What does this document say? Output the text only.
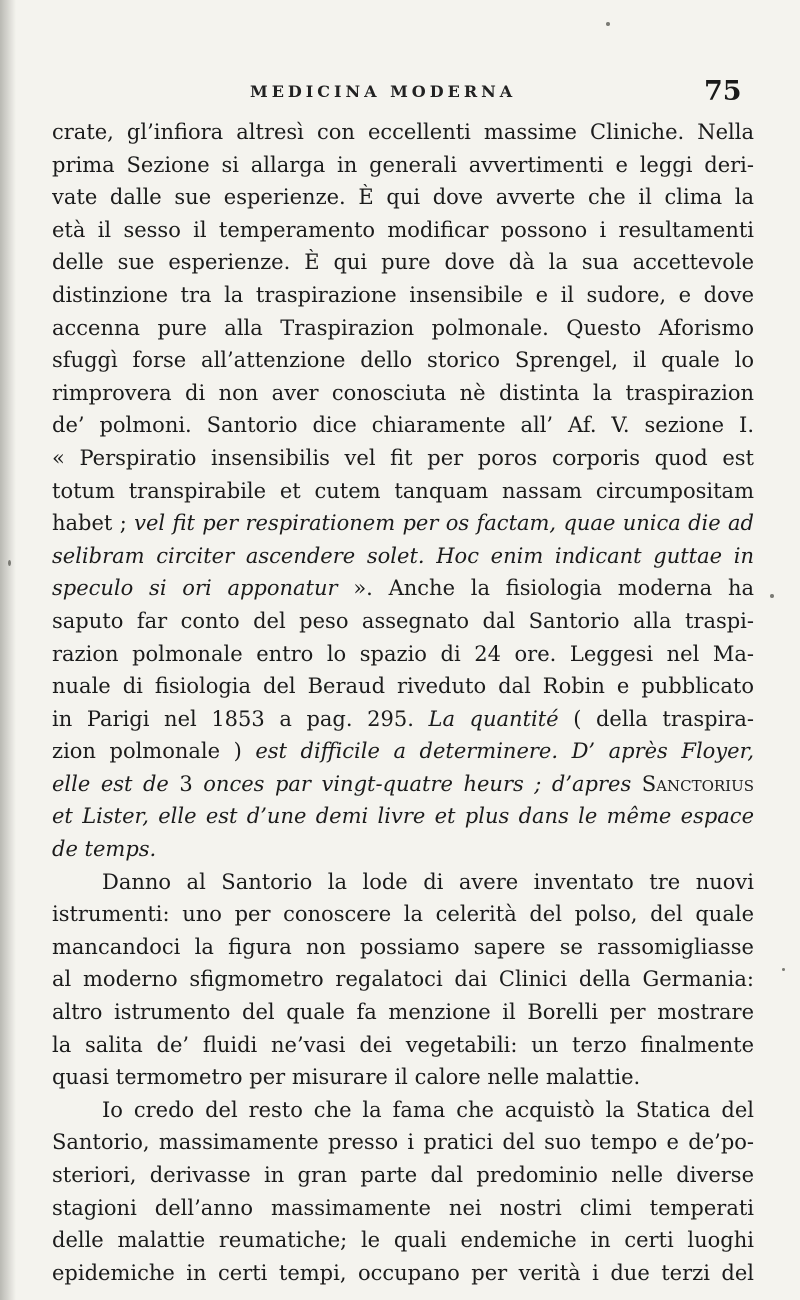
MEDICINA MODERNA	75
crate, gl’infiora altresì con eccellenti massime Cliniche. Nella
prima Sezione si allarga in generali avvertimenti e leggi deri-
vate dalle sue esperienze. È qui dove avverte che il clima la
età il sesso il temperamento modificar possono i resultamenti
delle sue esperienze. È qui pure dove dà la sua accettevole
distinzione tra la traspirazione insensibile e il sudore, e dove
accenna pure alla Traspirazion polmonale. Questo Aforismo
sfuggì forse all’attenzione dello storico Sprengel, il quale lo
rimprovera di non aver conosciuta nè distinta la traspirazion
de’ polmoni. Santorio dice chiaramente all’ Af. V. sezione I.
« Perspiratio insensibilis vel fit per poros corporis quod est
totum transpirabile et cutem tanquam nassam circumpositam
habet ; vel fit per respirationem per os factam, quae unica die ad
selibram circiter ascendere solet. Hoc enim indicant guttae in
speculo si ori apponatur ». Anche la fisiologia moderna ha
saputo far conto del peso assegnato dal Santorio alla traspi-
razion polmonale entro lo spazio di 24 ore. Leggesi nel Ma-
nuale di fisiologia del Beraud riveduto dal Robin e pubblicato
in Parigi nel 1853 a pag. 295. La quantité ( della traspira-
zion polmonale ) est difficile a determinere. D’ après Floyer,
elle est de 3 onces par vingt-quatre heurs ; d’apres Sanctorius
et Lister, elle est d’une demi livre et plus dans le même espace
de temps.
Danno al Santorio la lode di avere inventato tre nuovi
istrumenti: uno per conoscere la celerità del polso, del quale
mancandoci la figura non possiamo sapere se rassomigliasse
al moderno sfigmometro regalatoci dai Clinici della Germania:
altro istrumento del quale fa menzione il Borelli per mostrare
la salita de’ fluidi ne’vasi dei vegetabili: un terzo finalmente
quasi termometro per misurare il calore nelle malattie.
Io credo del resto che la fama che acquistò la Statica del
Santorio, massimamente presso i pratici del suo tempo e de’po-
steriori, derivasse in gran parte dal predominio nelle diverse
stagioni dell’anno massimamente nei nostri climi temperati
delle malattie reumatiche; le quali endemiche in certi luoghi
epidemiche in certi tempi, occupano per verità i due terzi del
